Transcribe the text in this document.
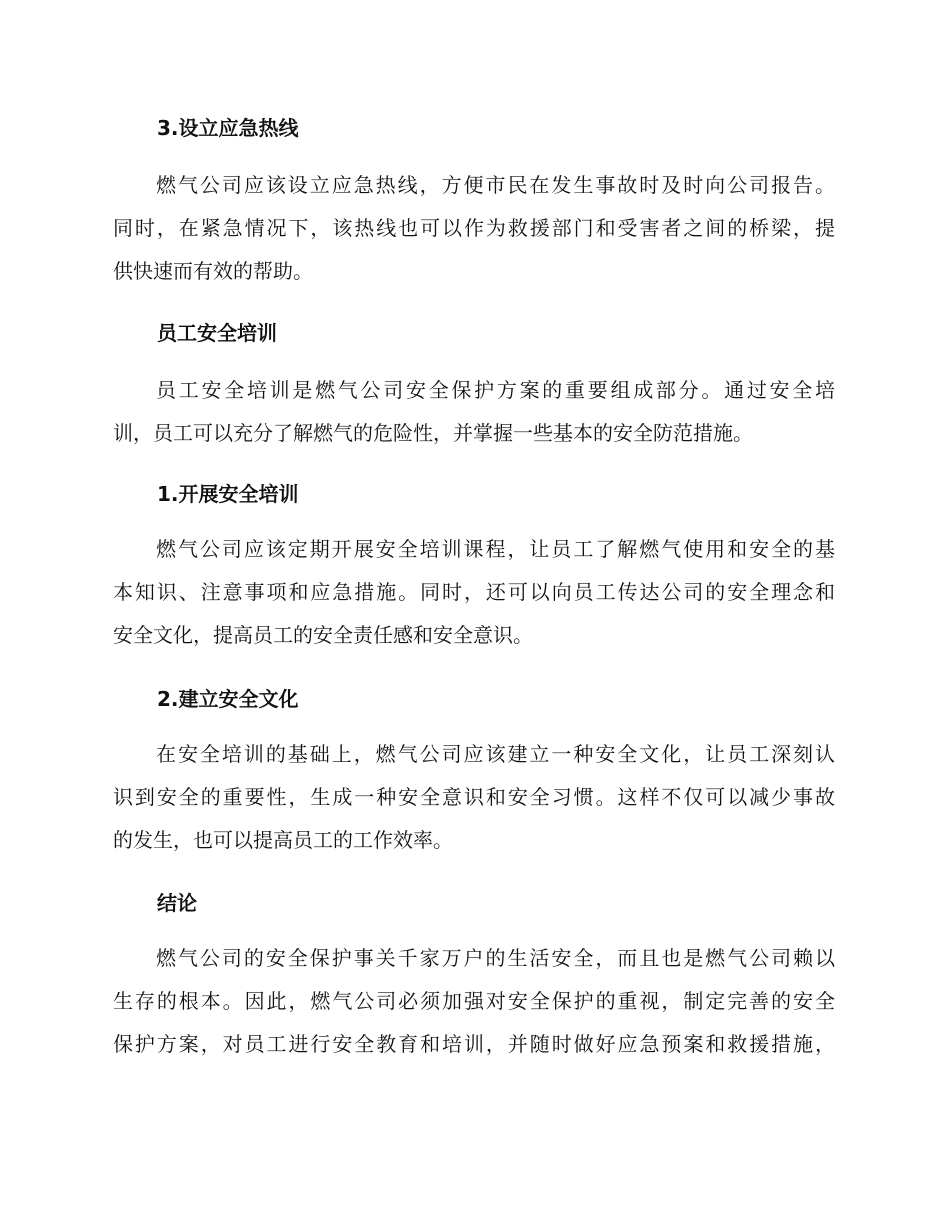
3.设立应急热线
燃气公司应该设立应急热线，方便市民在发生事故时及时向公司报告。
同时，在紧急情况下，该热线也可以作为救援部门和受害者之间的桥梁，提
供快速而有效的帮助。
员工安全培训
员工安全培训是燃气公司安全保护方案的重要组成部分。通过安全培
训，员工可以充分了解燃气的危险性，并掌握一些基本的安全防范措施。
1.开展安全培训
燃气公司应该定期开展安全培训课程，让员工了解燃气使用和安全的基
本知识、注意事项和应急措施。同时，还可以向员工传达公司的安全理念和
安全文化，提高员工的安全责任感和安全意识。
2.建立安全文化
在安全培训的基础上，燃气公司应该建立一种安全文化，让员工深刻认
识到安全的重要性，生成一种安全意识和安全习惯。这样不仅可以减少事故
的发生，也可以提高员工的工作效率。
结论
燃气公司的安全保护事关千家万户的生活安全，而且也是燃气公司赖以
生存的根本。因此，燃气公司必须加强对安全保护的重视，制定完善的安全
保护方案，对员工进行安全教育和培训，并随时做好应急预案和救援措施，
